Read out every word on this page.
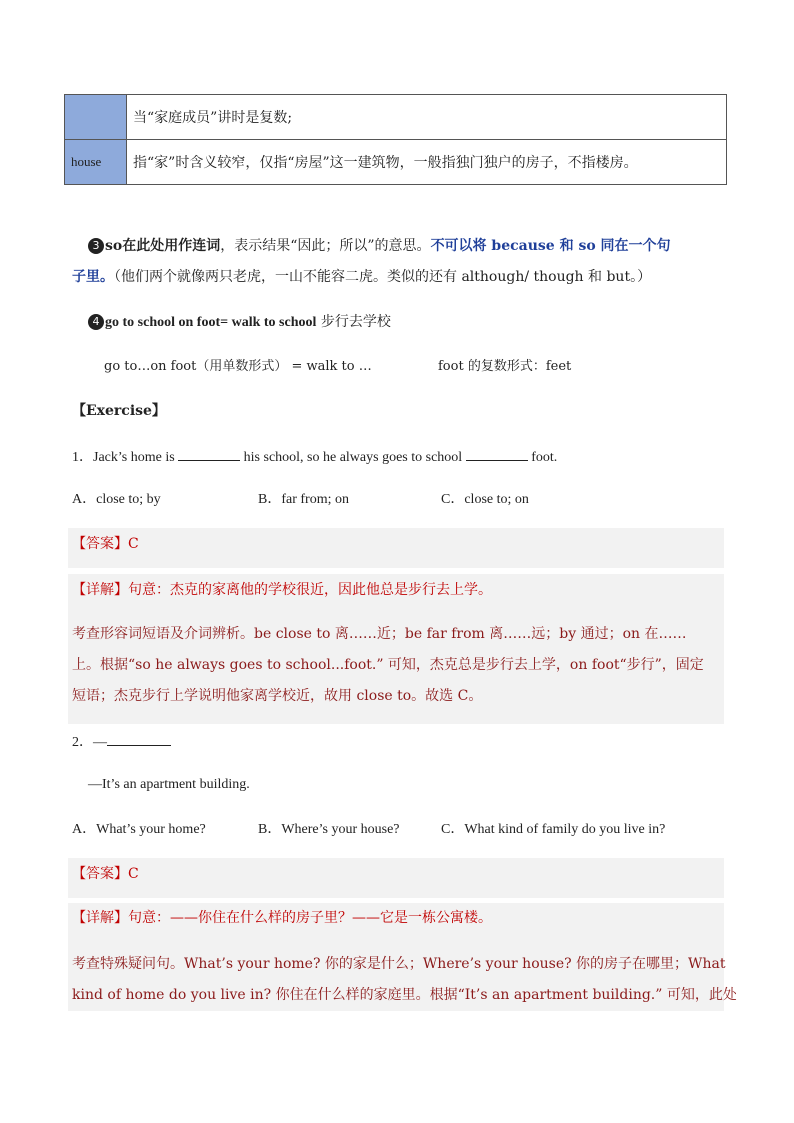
	当“家庭成员”讲时是复数;
house	指“家”时含义较窄，仅指“房屋”这一建筑物，一般指独门独户的房子，不指楼房。
3 so在此处用作连词，表示结果“因此；所以”的意思。不可以将 because 和 so 同在一个句
子里。（他们两个就像两只老虎，一山不能容二虎。类似的还有 although/ though 和 but。）
4 go to school on foot= walk to school 步行去学校
go to…on foot（用单数形式） = walk to …	foot 的复数形式：feet
【Exercise】
1．Jack’s home is	his school, so he always goes to school	foot.
A．close to; by	B．far from; on	C．close to; on
【答案】C
【详解】句意：杰克的家离他的学校很近，因此他总是步行去上学。
考查形容词短语及介词辨析。be close to 离……近；be far from 离……远；by 通过；on 在……
上。根据“so he always goes to school...foot.” 可知，杰克总是步行去上学，on foot“步行”，固定
短语；杰克步行上学说明他家离学校近，故用 close to。故选 C。
2．—
—It’s an apartment building.
A．What’s your home?	B．Where’s your house?	C．What kind of family do you live in?
【答案】C
【详解】句意：——你住在什么样的房子里？——它是一栋公寓楼。
考查特殊疑问句。What’s your home? 你的家是什么；Where’s your house? 你的房子在哪里；What
kind of home do you live in? 你住在什么样的家庭里。根据“It’s an apartment building.” 可知，此处
